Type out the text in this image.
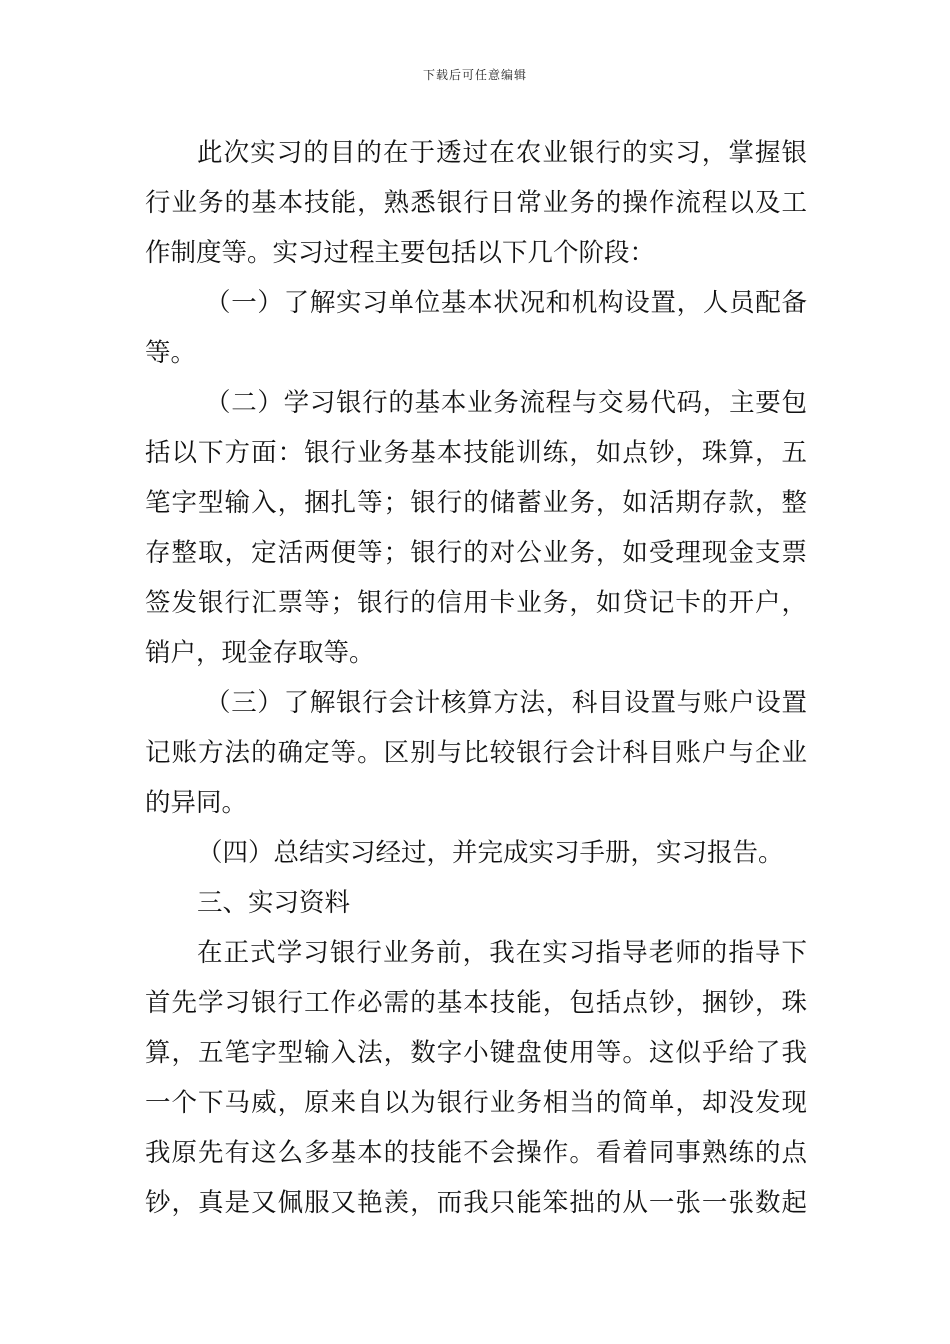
下载后可任意编辑
此次实习的目的在于透过在农业银行的实习，掌握银
行业务的基本技能，熟悉银行日常业务的操作流程以及工
作制度等。实习过程主要包括以下几个阶段：
（一）了解实习单位基本状况和机构设置，人员配备
等。
（二）学习银行的基本业务流程与交易代码，主要包
括以下方面：银行业务基本技能训练，如点钞，珠算，五
笔字型输入，捆扎等；银行的储蓄业务，如活期存款，整
存整取，定活两便等；银行的对公业务，如受理现金支票
签发银行汇票等；银行的信用卡业务，如贷记卡的开户，
销户，现金存取等。
（三）了解银行会计核算方法，科目设置与账户设置
记账方法的确定等。区别与比较银行会计科目账户与企业
的异同。
（四）总结实习经过，并完成实习手册，实习报告。
三、实习资料
在正式学习银行业务前，我在实习指导老师的指导下
首先学习银行工作必需的基本技能，包括点钞，捆钞，珠
算，五笔字型输入法，数字小键盘使用等。这似乎给了我
一个下马威，原来自以为银行业务相当的简单，却没发现
我原先有这么多基本的技能不会操作。看着同事熟练的点
钞，真是又佩服又艳羡，而我只能笨拙的从一张一张数起
